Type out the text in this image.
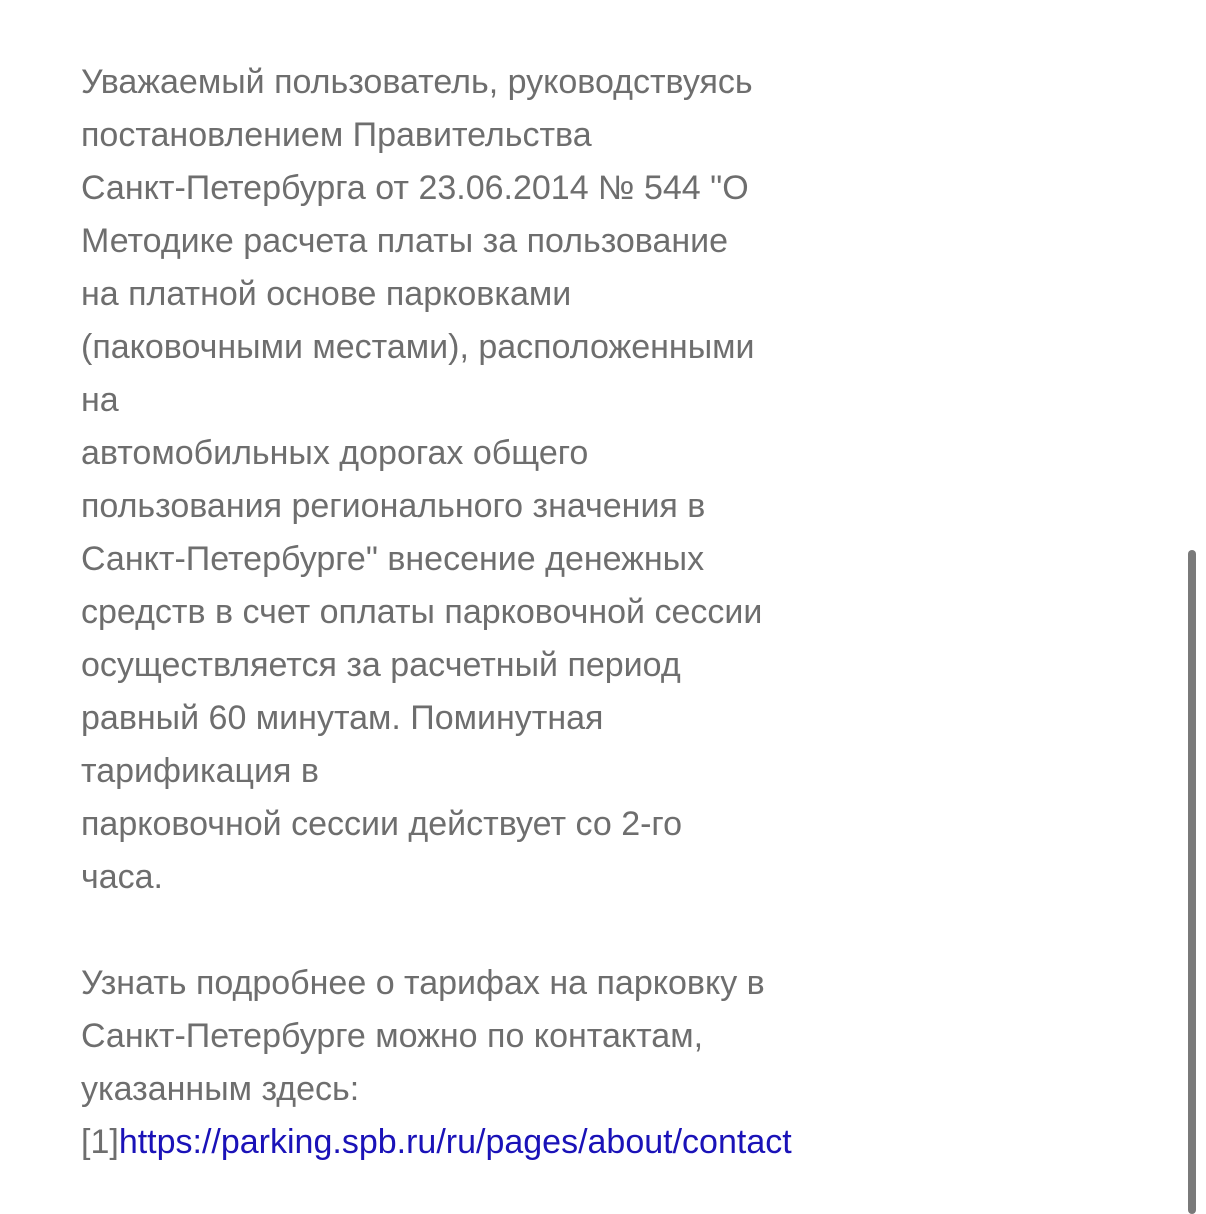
Уважаемый пользователь, руководствуясь
постановлением Правительства
Санкт-Петербурга от 23.06.2014 № 544 "О
Методике расчета платы за пользование
на платной основе парковками
(паковочными местами), расположенными
на
автомобильных дорогах общего
пользования регионального значения в
Санкт-Петербурге" внесение денежных
средств в счет оплаты парковочной сессии
осуществляется за расчетный период
равный 60 минутам. Поминутная
тарификация в
парковочной сессии действует со 2-го
часа.
Узнать подробнее о тарифах на парковку в
Санкт-Петербурге можно по контактам,
указанным здесь:
[1]https://parking.spb.ru/ru/pages/about/contact
